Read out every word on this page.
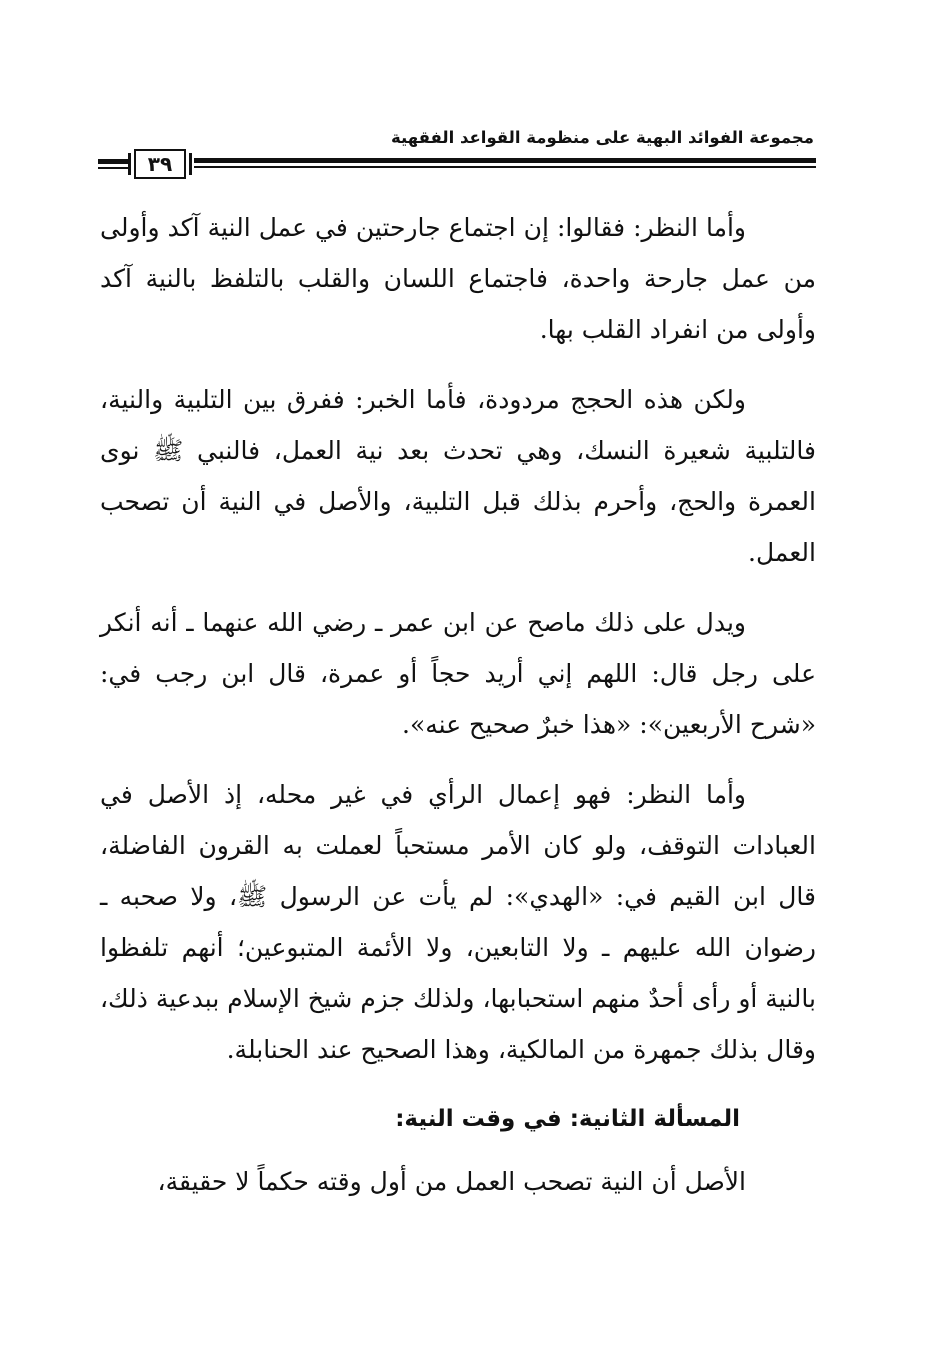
مجموعة الفوائد البهية على منظومة القواعد الفقهية
٣٩

وأما النظر: فقالوا: إن اجتماع جارحتين في عمل النية آكد وأولى من عمل جارحة واحدة، فاجتماع اللسان والقلب بالتلفظ بالنية آكد وأولى من انفراد القلب بها.

ولكن هذه الحجج مردودة، فأما الخبر: ففرق بين التلبية والنية، فالتلبية شعيرة النسك، وهي تحدث بعد نية العمل، فالنبي ﷺ نوى العمرة والحج، وأحرم بذلك قبل التلبية، والأصل في النية أن تصحب العمل.

ويدل على ذلك ماصح عن ابن عمر ـ رضي الله عنهما ـ أنه أنكر على رجل قال: اللهم إني أريد حجاً أو عمرة، قال ابن رجب في: «شرح الأربعين»: «هذا خبرٌ صحيح عنه».

وأما النظر: فهو إعمال الرأي في غير محله، إذ الأصل في العبادات التوقف، ولو كان الأمر مستحباً لعملت به القرون الفاضلة، قال ابن القيم في: «الهدي»: لم يأت عن الرسول ﷺ، ولا صحبه ـ رضوان الله عليهم ـ ولا التابعين، ولا الأئمة المتبوعين؛ أنهم تلفظوا بالنية أو رأى أحدٌ منهم استحبابها، ولذلك جزم شيخ الإسلام ببدعية ذلك، وقال بذلك جمهرة من المالكية، وهذا الصحيح عند الحنابلة.

المسألة الثانية: في وقت النية:

الأصل أن النية تصحب العمل من أول وقته حكماً لا حقيقة،
